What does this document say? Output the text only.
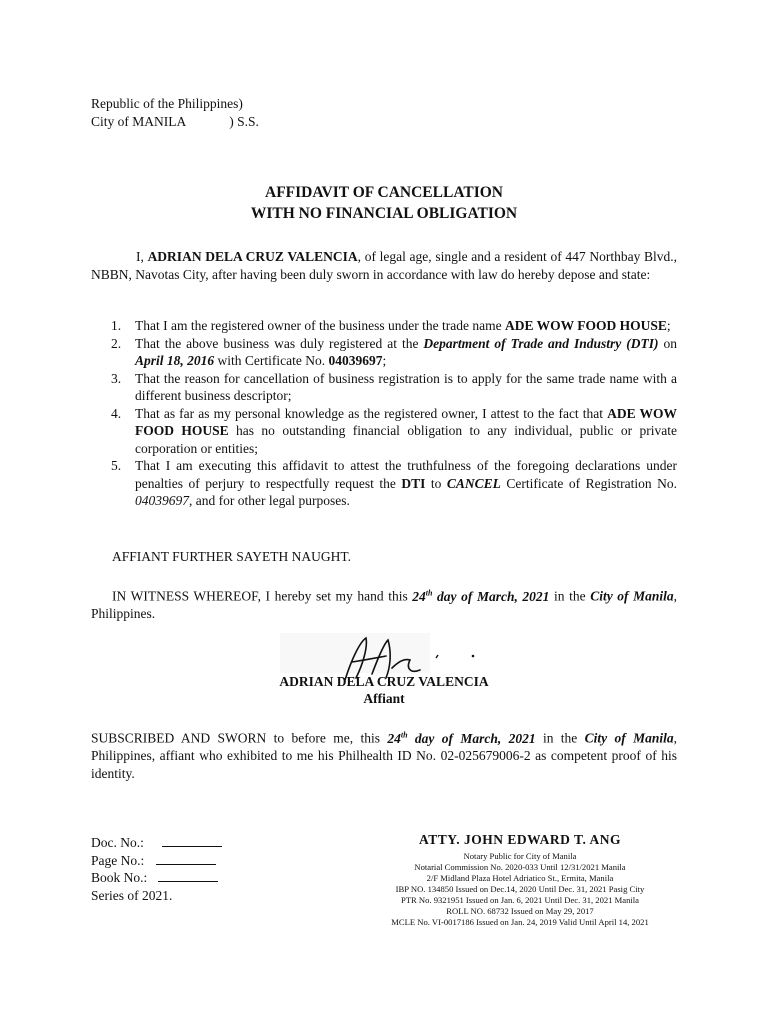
Republic of the Philippines)
City of MANILA	) S.S.
AFFIDAVIT OF CANCELLATION
WITH NO FINANCIAL OBLIGATION
I, ADRIAN DELA CRUZ VALENCIA, of legal age, single and a resident of 447 Northbay Blvd., NBBN, Navotas City, after having been duly sworn in accordance with law do hereby depose and state:
1. That I am the registered owner of the business under the trade name ADE WOW FOOD HOUSE;
2. That the above business was duly registered at the Department of Trade and Industry (DTI) on April 18, 2016 with Certificate No. 04039697;
3. That the reason for cancellation of business registration is to apply for the same trade name with a different business descriptor;
4. That as far as my personal knowledge as the registered owner, I attest to the fact that ADE WOW FOOD HOUSE has no outstanding financial obligation to any individual, public or private corporation or entities;
5. That I am executing this affidavit to attest the truthfulness of the foregoing declarations under penalties of perjury to respectfully request the DTI to CANCEL Certificate of Registration No. 04039697, and for other legal purposes.
AFFIANT FURTHER SAYETH NAUGHT.
IN WITNESS WHEREOF, I hereby set my hand this 24th day of March, 2021 in the City of Manila, Philippines.
ADRIAN DELA CRUZ VALENCIA
Affiant
SUBSCRIBED AND SWORN to before me, this 24th day of March, 2021 in the City of Manila, Philippines, affiant who exhibited to me his Philhealth ID No. 02-025679006-2 as competent proof of his identity.
Doc. No.:
Page No.:
Book No.:
Series of 2021.
ATTY. JOHN EDWARD T. ANG
Notary Public for City of Manila
Notarial Commission No. 2020-033 Until 12/31/2021 Manila
2/F Midland Plaza Hotel Adriatico St., Ermita, Manila
IBP NO. 134850 Issued on Dec.14, 2020 Until Dec. 31, 2021 Pasig City
PTR No. 9321951 Issued on Jan. 6, 2021 Until Dec. 31, 2021 Manila
ROLL NO. 68732 Issued on May 29, 2017
MCLE No. VI-0017186 Issued on Jan. 24, 2019 Valid Until April 14, 2021
